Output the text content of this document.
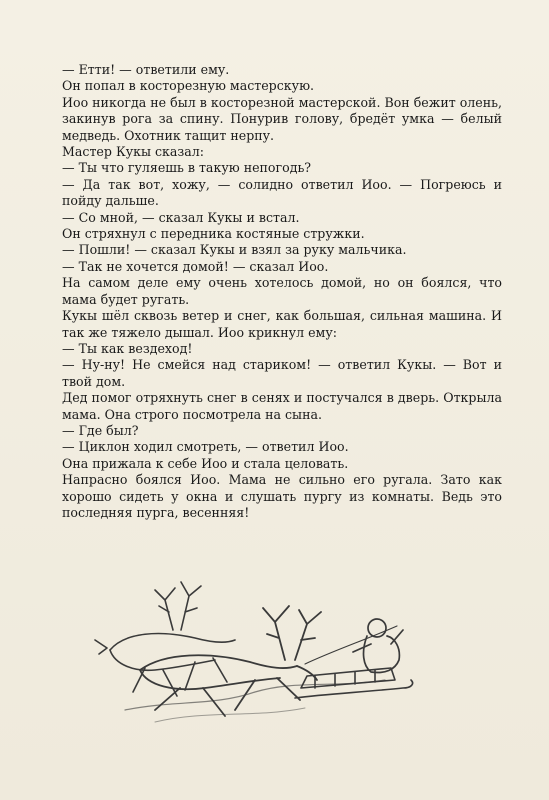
— Етти! — ответили ему.

Он попал в косторезную мастерскую.

Иоо никогда не был в косторезной мастерской. Вон бежит олень, закинув рога за спину. Понурив голову, бредёт умка — белый медведь. Охотник тащит нерпу.

Мастер Кукы сказал:

— Ты что гуляешь в такую непогодь?

— Да так вот, хожу, — солидно ответил Иоо. — Погреюсь и пойду дальше.

— Со мной, — сказал Кукы и встал.

Он стряхнул с передника костяные стружки.

— Пошли! — сказал Кукы и взял за руку мальчика.

— Так не хочется домой! — сказал Иоо.

На самом деле ему очень хотелось домой, но он боялся, что мама будет ругать.

Кукы шёл сквозь ветер и снег, как большая, сильная машина. И так же тяжело дышал. Иоо крикнул ему:

— Ты как вездеход!

— Ну-ну! Не смейся над стариком! — ответил Кукы. — Вот и твой дом.

Дед помог отряхнуть снег в сенях и постучался в дверь. Открыла мама. Она строго посмотрела на сына.

— Где был?

— Циклон ходил смотреть, — ответил Иоо.

Она прижала к себе Иоо и стала целовать.

Напрасно боялся Иоо. Мама не сильно его ругала. Зато как хорошо сидеть у окна и слушать пургу из комнаты. Ведь это последняя пурга, весенняя!
